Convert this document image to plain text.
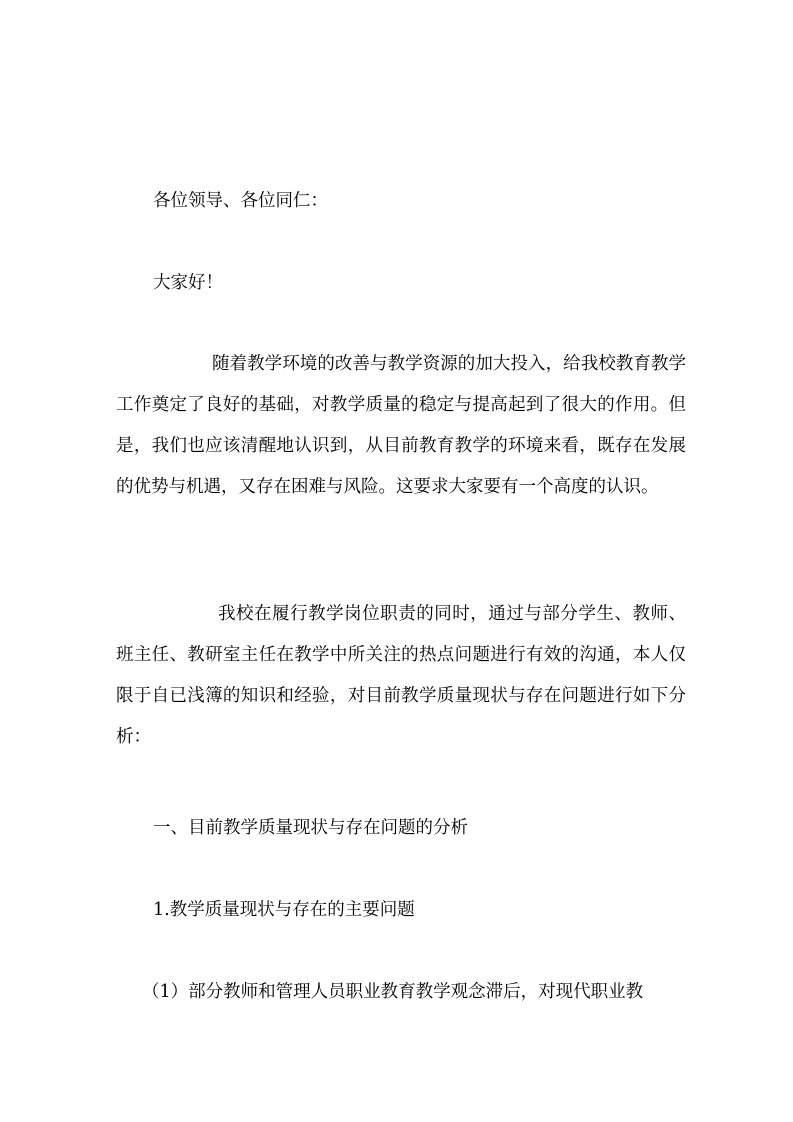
各位领导、各位同仁：
大家好！

随着教学环境的改善与教学资源的加大投入，给我校教育教学工作奠定了良好的基础，对教学质量的稳定与提高起到了很大的作用。但是，我们也应该清醒地认识到，从目前教育教学的环境来看，既存在发展的优势与机遇，又存在困难与风险。这要求大家要有一个高度的认识。

我校在履行教学岗位职责的同时，通过与部分学生、教师、班主任、教研室主任在教学中所关注的热点问题进行有效的沟通，本人仅限于自已浅簿的知识和经验，对目前教学质量现状与存在问题进行如下分析：

一、目前教学质量现状与存在问题的分析
1.教学质量现状与存在的主要问题
（1）部分教师和管理人员职业教育教学观念滞后，对现代职业教
